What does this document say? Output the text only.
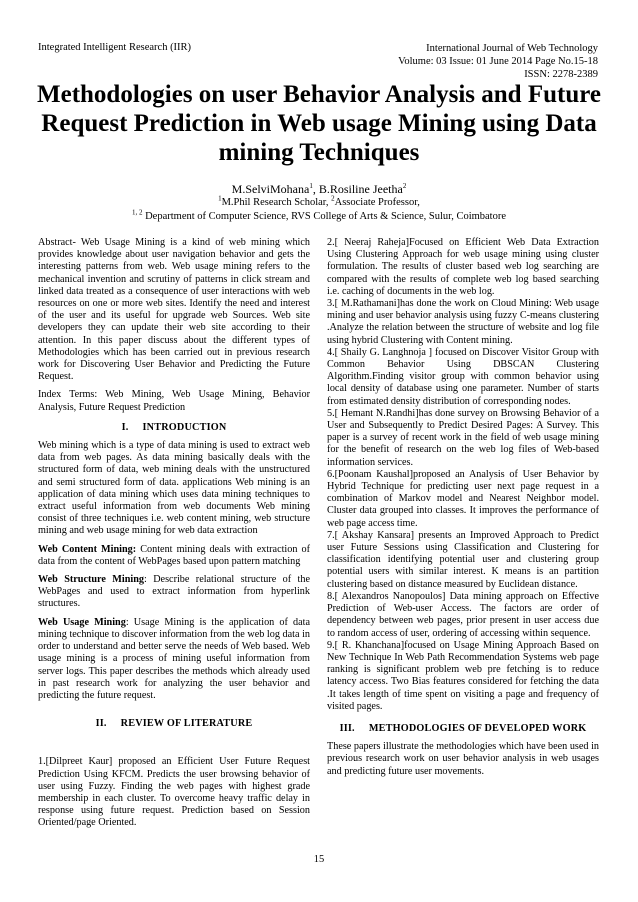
Integrated Intelligent Research (IIR)	International Journal of Web Technology
Volume: 03 Issue: 01 June 2014 Page No.15-18
ISSN: 2278-2389
Methodologies on user Behavior Analysis and Future Request Prediction in Web usage Mining using Data mining Techniques
M.SelviMohana$^1$, B.Rosiline Jeetha$^2$
$^1$M.Phil Research Scholar, $^2$Associate Professor,
$^{1, 2}$ Department of Computer Science, RVS College of Arts & Science, Sulur, Coimbatore

Abstract- Web Usage Mining is a kind of web mining which provides knowledge about user navigation behavior and gets the interesting patterns from web. Web usage mining refers to the mechanical invention and scrutiny of patterns in click stream and linked data treated as a consequence of user interactions with web resources on one or more web sites. Identify the need and interest of the user and its useful for upgrade web Sources. Web site developers they can update their web site according to their attention. In this paper discuss about the different types of Methodologies which has been carried out in previous research work for Discovering User Behavior and Predicting the Future Request.

Index Terms: Web Mining, Web Usage Mining, Behavior Analysis, Future Request Prediction

I. INTRODUCTION

Web mining which is a type of data mining is used to extract web data from web pages. As data mining basically deals with the structured form of data, web mining deals with the unstructured and semi structured form of data. applications Web mining is an application of data mining which uses data mining techniques to extract useful information from web documents Web mining consist of three techniques i.e. web content mining, web structure mining and web usage mining for web data extraction

Web Content Mining: Content mining deals with extraction of data from the content of WebPages based upon pattern matching

Web Structure Mining: Describe relational structure of the WebPages and used to extract information from hyperlink structures.

Web Usage Mining: Usage Mining is the application of data mining technique to discover information from the web log data in order to understand and better serve the needs of Web based. Web usage mining is a process of mining useful information from server logs. This paper describes the methods which already used in past research work for analyzing the user behavior and predicting the future request.

II. REVIEW OF LITERATURE

1.[Dilpreet Kaur] proposed an Efficient User Future Request Prediction Using KFCM. Predicts the user browsing behavior of user using Fuzzy. Finding the web pages with highest grade membership in each cluster. To overcome heavy traffic delay in response using future request. Prediction based on Session Oriented/page Oriented.

2.[ Neeraj Raheja]Focused on Efficient Web Data Extraction Using Clustering Approach for web usage mining using cluster formulation. The results of cluster based web log searching are compared with the results of complete web log based searching i.e. caching of documents in the web log.

3.[ M.Rathamani]has done the work on Cloud Mining: Web usage mining and user behavior analysis using fuzzy C-means clustering .Analyze the relation between the structure of website and log file using hybrid Clustering with Content mining.

4.[ Shaily G. Langhnoja ] focused on Discover Visitor Group with Common Behavior Using DBSCAN Clustering Algorithm.Finding visitor group with common behavior using local density of database using one parameter. Number of starts from estimated density distribution of corresponding nodes.

5.[ Hemant N.Randhi]has done survey on Browsing Behavior of a User and Subsequently to Predict Desired Pages: A Survey. This paper is a survey of recent work in the field of web usage mining for the benefit of research on the web log files of Web-based information services.

6.[Poonam Kaushal]proposed an Analysis of User Behavior by Hybrid Technique for predicting user next page request in a combination of Markov model and Nearest Neighbor model. Cluster data grouped into classes. It improves the performance of web page access time.

7.[ Akshay Kansara] presents an Improved Approach to Predict user Future Sessions using Classification and Clustering for classification identifying potential user and clustering group potential users with similar interest. K means is an partition clustering based on distance measured by Euclidean distance.

8.[ Alexandros Nanopoulos] Data mining approach on Effective Prediction of Web-user Access. The factors are order of dependency between web pages, prior present in user access due to random access of user, ordering of accessing within sequence.

9.[ R. Khanchana]focused on Usage Mining Approach Based on New Technique In Web Path Recommendation Systems web page ranking is significant problem web pre fetching is to reduce latency access. Two Bias features considered for fetching the data .It takes length of time spent on visiting a page and frequency of visited pages.

III. METHODOLOGIES OF DEVELOPED WORK

These papers illustrate the methodologies which have been used in previous research work on user behavior analysis in web usages and predicting future user movements.

15
